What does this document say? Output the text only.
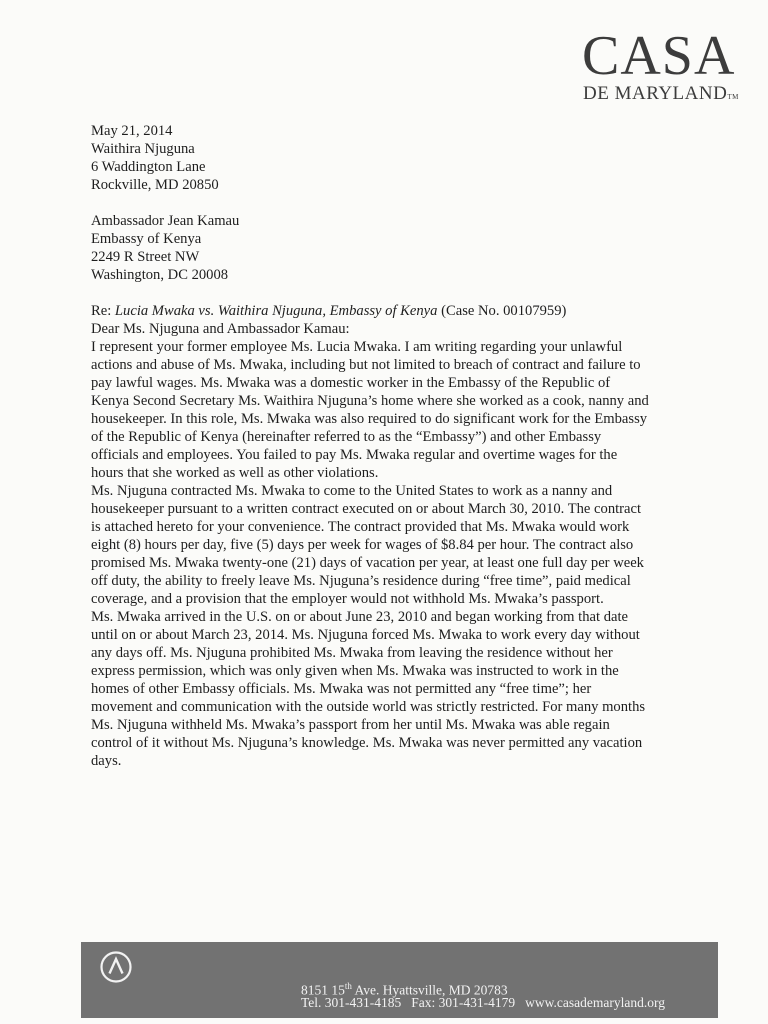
CASA
DE MARYLANDTM

May 21, 2014

Waithira Njuguna

6 Waddington Lane

Rockville, MD 20850

Ambassador Jean Kamau

Embassy of Kenya

2249 R Street NW

Washington, DC 20008

Re: Lucia Mwaka vs. Waithira Njuguna, Embassy of Kenya (Case No. 00107959)

Dear Ms. Njuguna and Ambassador Kamau:

I represent your former employee Ms. Lucia Mwaka. I am writing regarding your unlawful actions and abuse of Ms. Mwaka, including but not limited to breach of contract and failure to pay lawful wages. Ms. Mwaka was a domestic worker in the Embassy of the Republic of Kenya Second Secretary Ms. Waithira Njuguna’s home where she worked as a cook, nanny and housekeeper. In this role, Ms. Mwaka was also required to do significant work for the Embassy of the Republic of Kenya (hereinafter referred to as the “Embassy”) and other Embassy officials and employees. You failed to pay Ms. Mwaka regular and overtime wages for the hours that she worked as well as other violations.

Ms. Njuguna contracted Ms. Mwaka to come to the United States to work as a nanny and housekeeper pursuant to a written contract executed on or about March 30, 2010. The contract is attached hereto for your convenience. The contract provided that Ms. Mwaka would work eight (8) hours per day, five (5) days per week for wages of $8.84 per hour. The contract also promised Ms. Mwaka twenty-one (21) days of vacation per year, at least one full day per week off duty, the ability to freely leave Ms. Njuguna’s residence during “free time”, paid medical coverage, and a provision that the employer would not withhold Ms. Mwaka’s passport.

Ms. Mwaka arrived in the U.S. on or about June 23, 2010 and began working from that date until on or about March 23, 2014. Ms. Njuguna forced Ms. Mwaka to work every day without any days off. Ms. Njuguna prohibited Ms. Mwaka from leaving the residence without her express permission, which was only given when Ms. Mwaka was instructed to work in the homes of other Embassy officials. Ms. Mwaka was not permitted any “free time”; her movement and communication with the outside world was strictly restricted. For many months Ms. Njuguna withheld Ms. Mwaka’s passport from her until Ms. Mwaka was able regain control of it without Ms. Njuguna’s knowledge. Ms. Mwaka was never permitted any vacation days.

8151 15th Ave. Hyattsville, MD 20783
Tel. 301-431-4185 Fax: 301-431-4179 www.casademaryland.org
